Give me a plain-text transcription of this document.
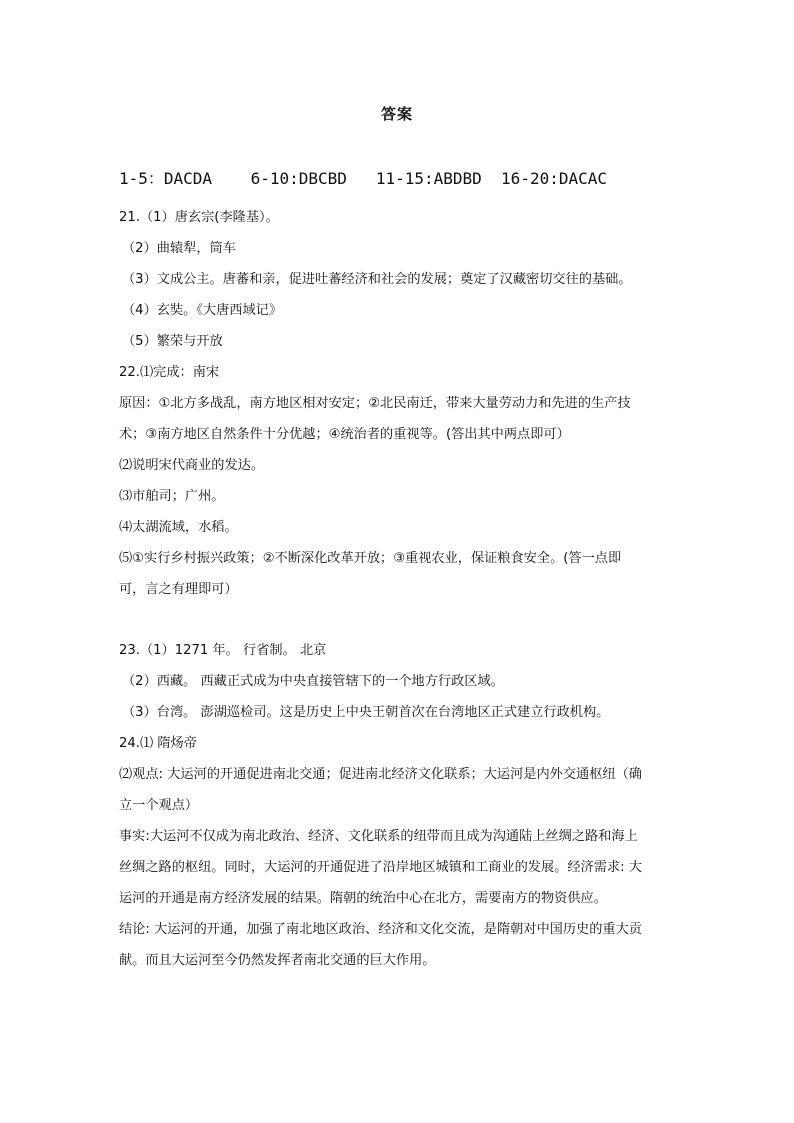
答案
1-5：DACDA    6-10:DBCBD   11-15:ABDBD  16-20:DACAC
21.（1）唐玄宗(李隆基）。
（2）曲辕犁，筒车
（3）文成公主。唐蕃和亲，促进吐蕃经济和社会的发展；奠定了汉藏密切交往的基础。
（4）玄奘。《大唐西域记》
（5）繁荣与开放
22.⑴完成：南宋
原因：①北方多战乱，南方地区相对安定；②北民南迁，带来大量劳动力和先进的生产技
术；③南方地区自然条件十分优越；④统治者的重视等。(答出其中两点即可）
⑵说明宋代商业的发达。
⑶市舶司；广州。
⑷太湖流域，水稻。
⑸①实行乡村振兴政策；②不断深化改革开放；③重视农业，保证粮食安全。(答一点即
可，言之有理即可）
23.（1）1271 年。 行省制。 北京
（2）西藏。 西藏正式成为中央直接管辖下的一个地方行政区域。
（3）台湾。 澎湖巡检司。这是历史上中央王朝首次在台湾地区正式建立行政机构。
24.⑴ 隋炀帝
⑵观点: 大运河的开通促进南北交通；促进南北经济文化联系；大运河是内外交通枢纽（确
立一个观点）
事实:大运河不仅成为南北政治、经济、文化联系的纽带而且成为沟通陆上丝绸之路和海上
丝绸之路的枢纽。同时，大运河的开通促进了沿岸地区城镇和工商业的发展。经济需求: 大
运河的开通是南方经济发展的结果。隋朝的统治中心在北方，需要南方的物资供应。
结论: 大运河的开通，加强了南北地区政治、经济和文化交流，是隋朝对中国历史的重大贡
献。而且大运河至今仍然发挥者南北交通的巨大作用。
